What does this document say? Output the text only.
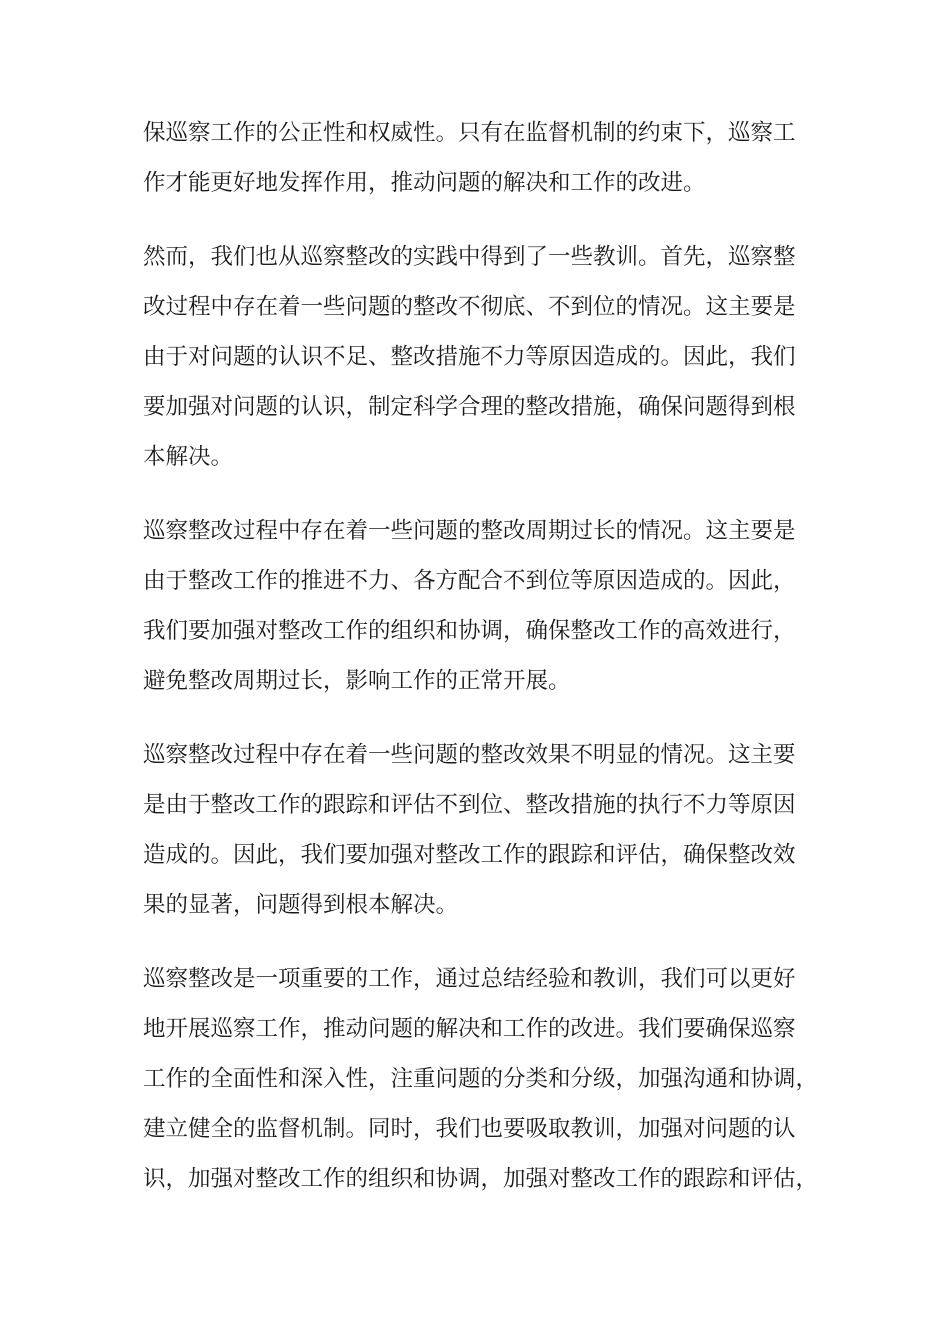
保巡察工作的公正性和权威性。只有在监督机制的约束下，巡察工
作才能更好地发挥作用，推动问题的解决和工作的改进。

然而，我们也从巡察整改的实践中得到了一些教训。首先，巡察整
改过程中存在着一些问题的整改不彻底、不到位的情况。这主要是
由于对问题的认识不足、整改措施不力等原因造成的。因此，我们
要加强对问题的认识，制定科学合理的整改措施，确保问题得到根
本解决。

巡察整改过程中存在着一些问题的整改周期过长的情况。这主要是
由于整改工作的推进不力、各方配合不到位等原因造成的。因此，
我们要加强对整改工作的组织和协调，确保整改工作的高效进行，
避免整改周期过长，影响工作的正常开展。

巡察整改过程中存在着一些问题的整改效果不明显的情况。这主要
是由于整改工作的跟踪和评估不到位、整改措施的执行不力等原因
造成的。因此，我们要加强对整改工作的跟踪和评估，确保整改效
果的显著，问题得到根本解决。

巡察整改是一项重要的工作，通过总结经验和教训，我们可以更好
地开展巡察工作，推动问题的解决和工作的改进。我们要确保巡察
工作的全面性和深入性，注重问题的分类和分级，加强沟通和协调，
建立健全的监督机制。同时，我们也要吸取教训，加强对问题的认
识，加强对整改工作的组织和协调，加强对整改工作的跟踪和评估，
